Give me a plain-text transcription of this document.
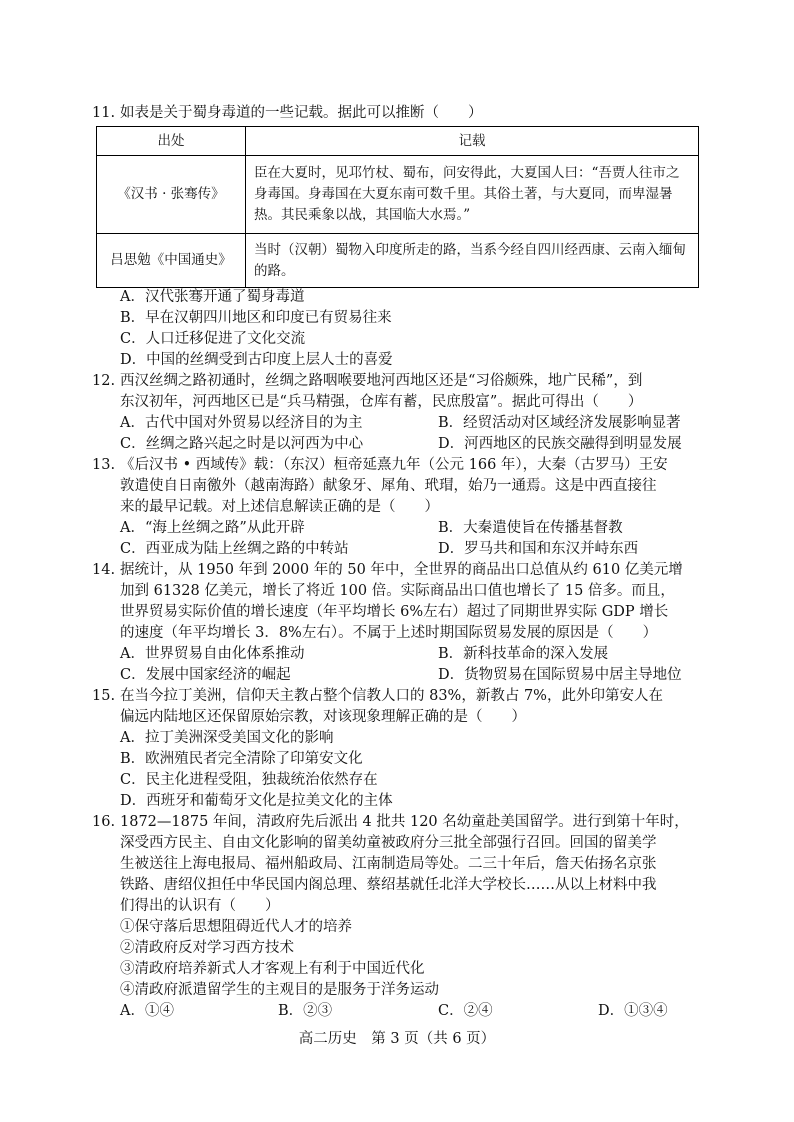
11. 如表是关于蜀身毒道的一些记载。据此可以推断（　　）
出处	记载
《汉书 · 张骞传》	臣在大夏时，见邛竹杖、蜀布，问安得此，大夏国人曰：“吾贾人往市之身毒国。身毒国在大夏东南可数千里。其俗土著，与大夏同，而卑湿暑热。其民乘象以战，其国临大水焉。”
吕思勉《中国通史》	当时（汉朝）蜀物入印度所走的路，当系今经自四川经西康、云南入缅甸的路。
A．汉代张骞开通了蜀身毒道
B．早在汉朝四川地区和印度已有贸易往来
C．人口迁移促进了文化交流
D．中国的丝绸受到古印度上层人士的喜爱
12. 西汉丝绸之路初通时，丝绸之路咽喉要地河西地区还是“习俗颇殊，地广民稀”，到
东汉初年，河西地区已是“兵马精强，仓库有蓄，民庶殷富”。据此可得出（　　）
A．古代中国对外贸易以经济目的为主	B．经贸活动对区域经济发展影响显著
C．丝绸之路兴起之时是以河西为中心	D．河西地区的民族交融得到明显发展
13. 《后汉书 • 西域传》载：（东汉）桓帝延熹九年（公元 166 年），大秦（古罗马）王安
敦遣使自日南徼外（越南海路）献象牙、犀角、玳瑁，始乃一通焉。这是中西直接往
来的最早记载。对上述信息解读正确的是（　　）
A．“海上丝绸之路”从此开辟	B．大秦遣使旨在传播基督教
C．西亚成为陆上丝绸之路的中转站	D．罗马共和国和东汉并峙东西
14. 据统计，从 1950 年到 2000 年的 50 年中，全世界的商品出口总值从约 610 亿美元增
加到 61328 亿美元，增长了将近 100 倍。实际商品出口值也增长了 15 倍多。而且，
世界贸易实际价值的增长速度（年平均增长 6%左右）超过了同期世界实际 GDP 增长
的速度（年平均增长 3．8%左右）。不属于上述时期国际贸易发展的原因是（　　）
A．世界贸易自由化体系推动	B．新科技革命的深入发展
C．发展中国家经济的崛起	D．货物贸易在国际贸易中居主导地位
15. 在当今拉丁美洲，信仰天主教占整个信教人口的 83%，新教占 7%，此外印第安人在
偏远内陆地区还保留原始宗教，对该现象理解正确的是（　　）
A．拉丁美洲深受美国文化的影响
B．欧洲殖民者完全清除了印第安文化
C．民主化进程受阻，独裁统治依然存在
D．西班牙和葡萄牙文化是拉美文化的主体
16. 1872—1875 年间，清政府先后派出 4 批共 120 名幼童赴美国留学。进行到第十年时，
深受西方民主、自由文化影响的留美幼童被政府分三批全部强行召回。回国的留美学
生被送往上海电报局、福州船政局、江南制造局等处。二三十年后，詹天佑扬名京张
铁路、唐绍仪担任中华民国内阁总理、蔡绍基就任北洋大学校长……从以上材料中我
们得出的认识有（　　）
①保守落后思想阻碍近代人才的培养
②清政府反对学习西方技术
③清政府培养新式人才客观上有利于中国近代化
④清政府派遣留学生的主观目的是服务于洋务运动
A．①④	B．②③	C．②④	D．①③④
高二历史　第 3 页（共 6 页）
